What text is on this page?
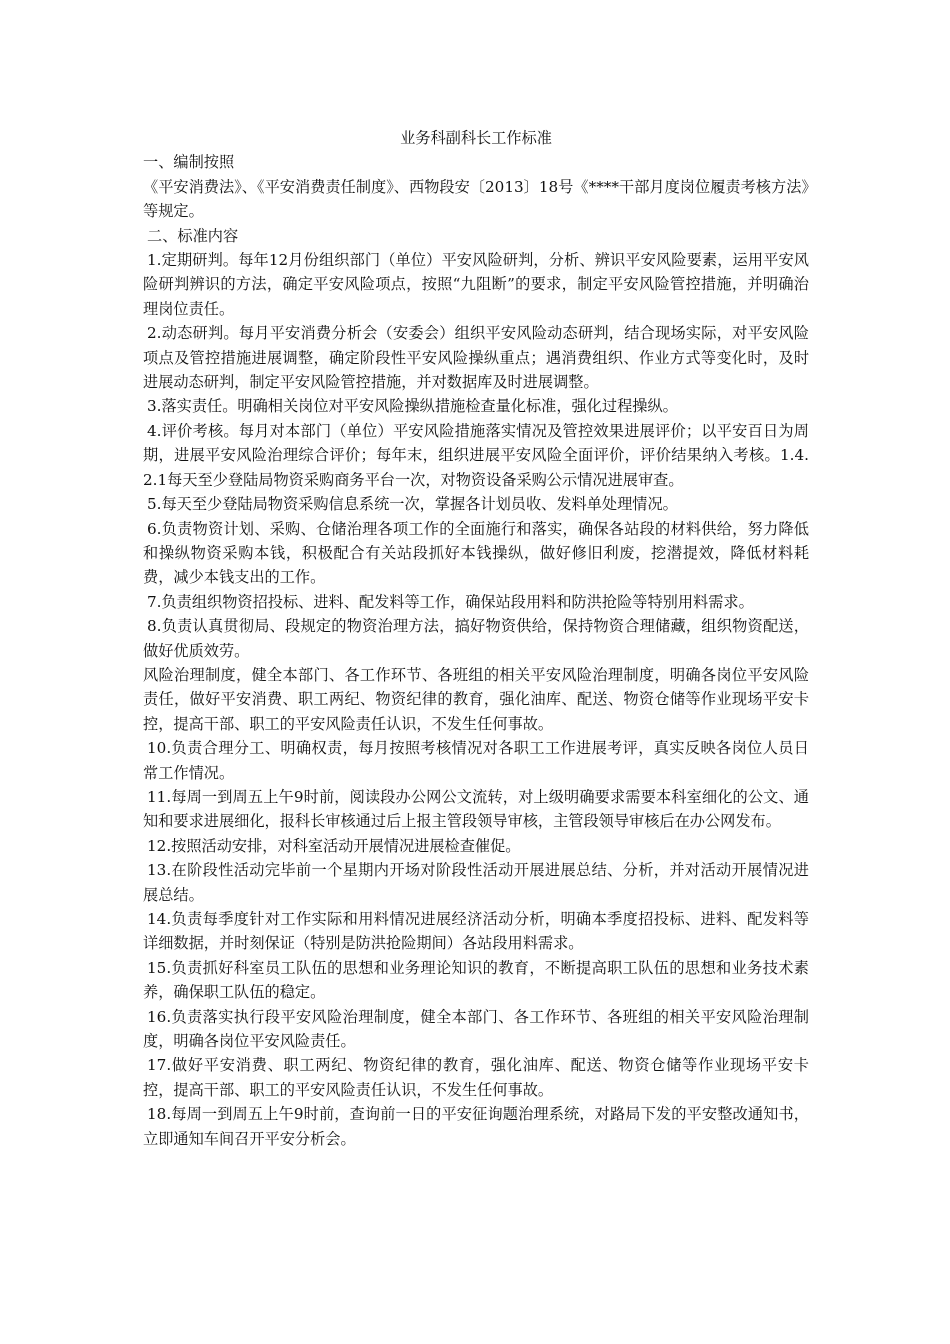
业务科副科长工作标准

一、编制按照

《平安消费法》、《平安消费责任制度》、西物段安〔2013〕18号《****干部月度岗位履责考核方法》等规定。

二、标准内容

1.定期研判。每年12月份组织部门（单位）平安风险研判，分析、辨识平安风险要素，运用平安风险研判辨识的方法，确定平安风险项点，按照“九阻断”的要求，制定平安风险管控措施，并明确治理岗位责任。

2.动态研判。每月平安消费分析会（安委会）组织平安风险动态研判，结合现场实际，对平安风险项点及管控措施进展调整，确定阶段性平安风险操纵重点；遇消费组织、作业方式等变化时，及时进展动态研判，制定平安风险管控措施，并对数据库及时进展调整。

3.落实责任。明确相关岗位对平安风险操纵措施检查量化标准，强化过程操纵。

4.评价考核。每月对本部门（单位）平安风险措施落实情况及管控效果进展评价；以平安百日为周期，进展平安风险治理综合评价；每年末，组织进展平安风险全面评价，评价结果纳入考核。1.4.2.1每天至少登陆局物资采购商务平台一次，对物资设备采购公示情况进展审查。

5.每天至少登陆局物资采购信息系统一次，掌握各计划员收、发料单处理情况。

6.负责物资计划、采购、仓储治理各项工作的全面施行和落实，确保各站段的材料供给，努力降低和操纵物资采购本钱，积极配合有关站段抓好本钱操纵，做好修旧利废，挖潜提效，降低材料耗费，减少本钱支出的工作。

7.负责组织物资招投标、进料、配发料等工作，确保站段用料和防洪抢险等特别用料需求。

8.负责认真贯彻局、段规定的物资治理方法，搞好物资供给，保持物资合理储藏，组织物资配送，做好优质效劳。

风险治理制度，健全本部门、各工作环节、各班组的相关平安风险治理制度，明确各岗位平安风险责任，做好平安消费、职工两纪、物资纪律的教育，强化油库、配送、物资仓储等作业现场平安卡控，提高干部、职工的平安风险责任认识，不发生任何事故。

10.负责合理分工、明确权责，每月按照考核情况对各职工工作进展考评，真实反映各岗位人员日常工作情况。

11.每周一到周五上午9时前，阅读段办公网公文流转，对上级明确要求需要本科室细化的公文、通知和要求进展细化，报科长审核通过后上报主管段领导审核，主管段领导审核后在办公网发布。

12.按照活动安排，对科室活动开展情况进展检查催促。

13.在阶段性活动完毕前一个星期内开场对阶段性活动开展进展总结、分析，并对活动开展情况进展总结。

14.负责每季度针对工作实际和用料情况进展经济活动分析，明确本季度招投标、进料、配发料等详细数据，并时刻保证（特别是防洪抢险期间）各站段用料需求。

15.负责抓好科室员工队伍的思想和业务理论知识的教育，不断提高职工队伍的思想和业务技术素养，确保职工队伍的稳定。

16.负责落实执行段平安风险治理制度，健全本部门、各工作环节、各班组的相关平安风险治理制度，明确各岗位平安风险责任。

17.做好平安消费、职工两纪、物资纪律的教育，强化油库、配送、物资仓储等作业现场平安卡控，提高干部、职工的平安风险责任认识，不发生任何事故。

18.每周一到周五上午9时前，查询前一日的平安征询题治理系统，对路局下发的平安整改通知书，立即通知车间召开平安分析会。
